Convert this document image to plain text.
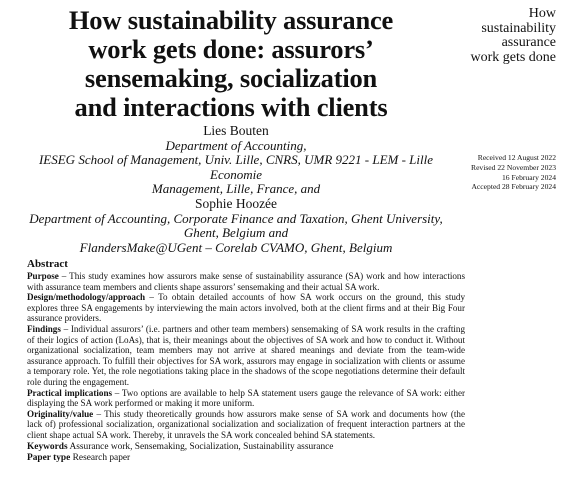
How sustainability assurance
work gets done: assurors’
sensemaking, socialization
and interactions with clients
How
sustainability
assurance
work gets done
Received 12 August 2022
Revised 22 November 2023
16 February 2024
Accepted 28 February 2024
Lies Bouten
Department of Accounting,
IESEG School of Management, Univ. Lille, CNRS, UMR 9221 - LEM - Lille Economie
Management, Lille, France, and
Sophie Hoozée
Department of Accounting, Corporate Finance and Taxation, Ghent University,
Ghent, Belgium and
FlandersMake@UGent – Corelab CVAMO, Ghent, Belgium
Abstract

Purpose – This study examines how assurors make sense of sustainability assurance (SA) work and how interactions with assurance team members and clients shape assurors’ sensemaking and their actual SA work.

Design/methodology/approach – To obtain detailed accounts of how SA work occurs on the ground, this study explores three SA engagements by interviewing the main actors involved, both at the client firms and at their Big Four assurance providers.

Findings – Individual assurors’ (i.e. partners and other team members) sensemaking of SA work results in the crafting of their logics of action (LoAs), that is, their meanings about the objectives of SA work and how to conduct it. Without organizational socialization, team members may not arrive at shared meanings and deviate from the team-wide assurance approach. To fulfill their objectives for SA work, assurors may engage in socialization with clients or assume a temporary role. Yet, the role negotiations taking place in the shadows of the scope negotiations determine their default role during the engagement.

Practical implications – Two options are available to help SA statement users gauge the relevance of SA work: either displaying the SA work performed or making it more uniform.

Originality/value – This study theoretically grounds how assurors make sense of SA work and documents how (the lack of) professional socialization, organizational socialization and socialization of frequent interaction partners at the client shape actual SA work. Thereby, it unravels the SA work concealed behind SA statements.

Keywords Assurance work, Sensemaking, Socialization, Sustainability assurance

Paper type Research paper
